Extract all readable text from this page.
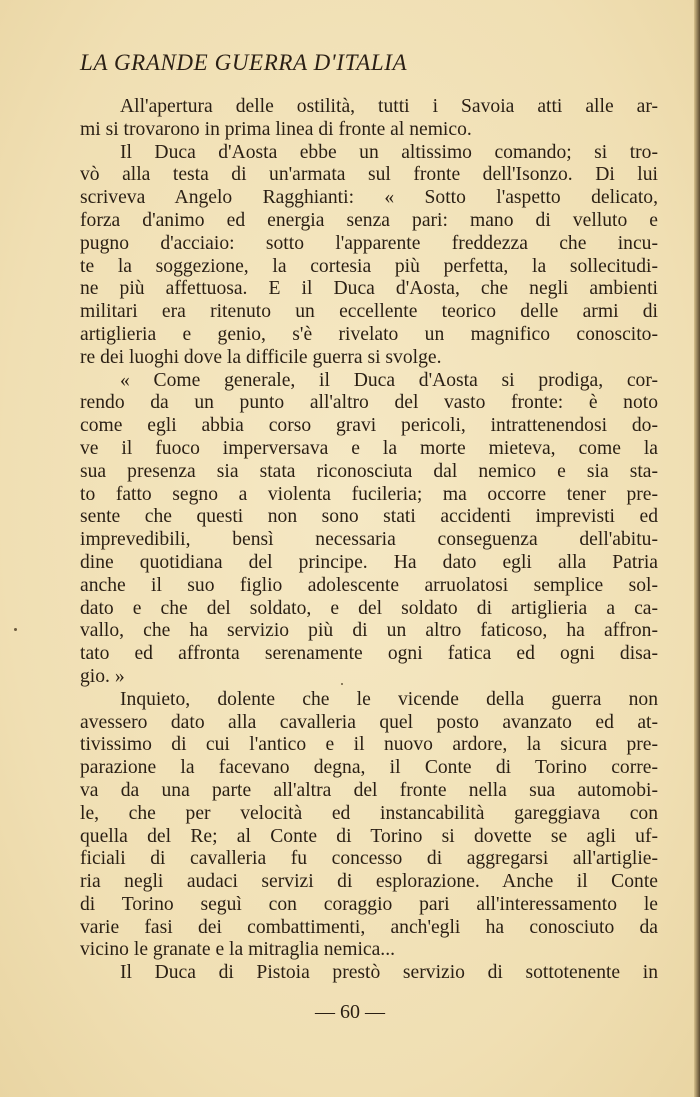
LA GRANDE GUERRA D'ITALIA
All'apertura delle ostilità, tutti i Savoia atti alle ar-
mi si trovarono in prima linea di fronte al nemico.
Il Duca d'Aosta ebbe un altissimo comando; si tro-
vò alla testa di un'armata sul fronte dell'Isonzo. Di lui
scriveva Angelo Ragghianti: « Sotto l'aspetto delicato,
forza d'animo ed energia senza pari: mano di velluto e
pugno d'acciaio: sotto l'apparente freddezza che incu-
te la soggezione, la cortesia più perfetta, la sollecitudi-
ne più affettuosa. E il Duca d'Aosta, che negli ambienti
militari era ritenuto un eccellente teorico delle armi di
artiglieria e genio, s'è rivelato un magnifico conoscito-
re dei luoghi dove la difficile guerra si svolge.
« Come generale, il Duca d'Aosta si prodiga, cor-
rendo da un punto all'altro del vasto fronte: è noto
come egli abbia corso gravi pericoli, intrattenendosi do-
ve il fuoco imperversava e la morte mieteva, come la
sua presenza sia stata riconosciuta dal nemico e sia sta-
to fatto segno a violenta fucileria; ma occorre tener pre-
sente che questi non sono stati accidenti imprevisti ed
imprevedibili, bensì necessaria conseguenza dell'abitu-
dine quotidiana del principe. Ha dato egli alla Patria
anche il suo figlio adolescente arruolatosi semplice sol-
dato e che del soldato, e del soldato di artiglieria a ca-
vallo, che ha servizio più di un altro faticoso, ha affron-
tato ed affronta serenamente ogni fatica ed ogni disa-
gio. »
Inquieto, dolente che le vicende della guerra non
avessero dato alla cavalleria quel posto avanzato ed at-
tivissimo di cui l'antico e il nuovo ardore, la sicura pre-
parazione la facevano degna, il Conte di Torino corre-
va da una parte all'altra del fronte nella sua automobi-
le, che per velocità ed instancabilità gareggiava con
quella del Re; al Conte di Torino si dovette se agli uf-
ficiali di cavalleria fu concesso di aggregarsi all'artiglie-
ria negli audaci servizi di esplorazione. Anche il Conte
di Torino seguì con coraggio pari all'interessamento le
varie fasi dei combattimenti, anch'egli ha conosciuto da
vicino le granate e la mitraglia nemica...
Il Duca di Pistoia prestò servizio di sottotenente in
— 60 —
